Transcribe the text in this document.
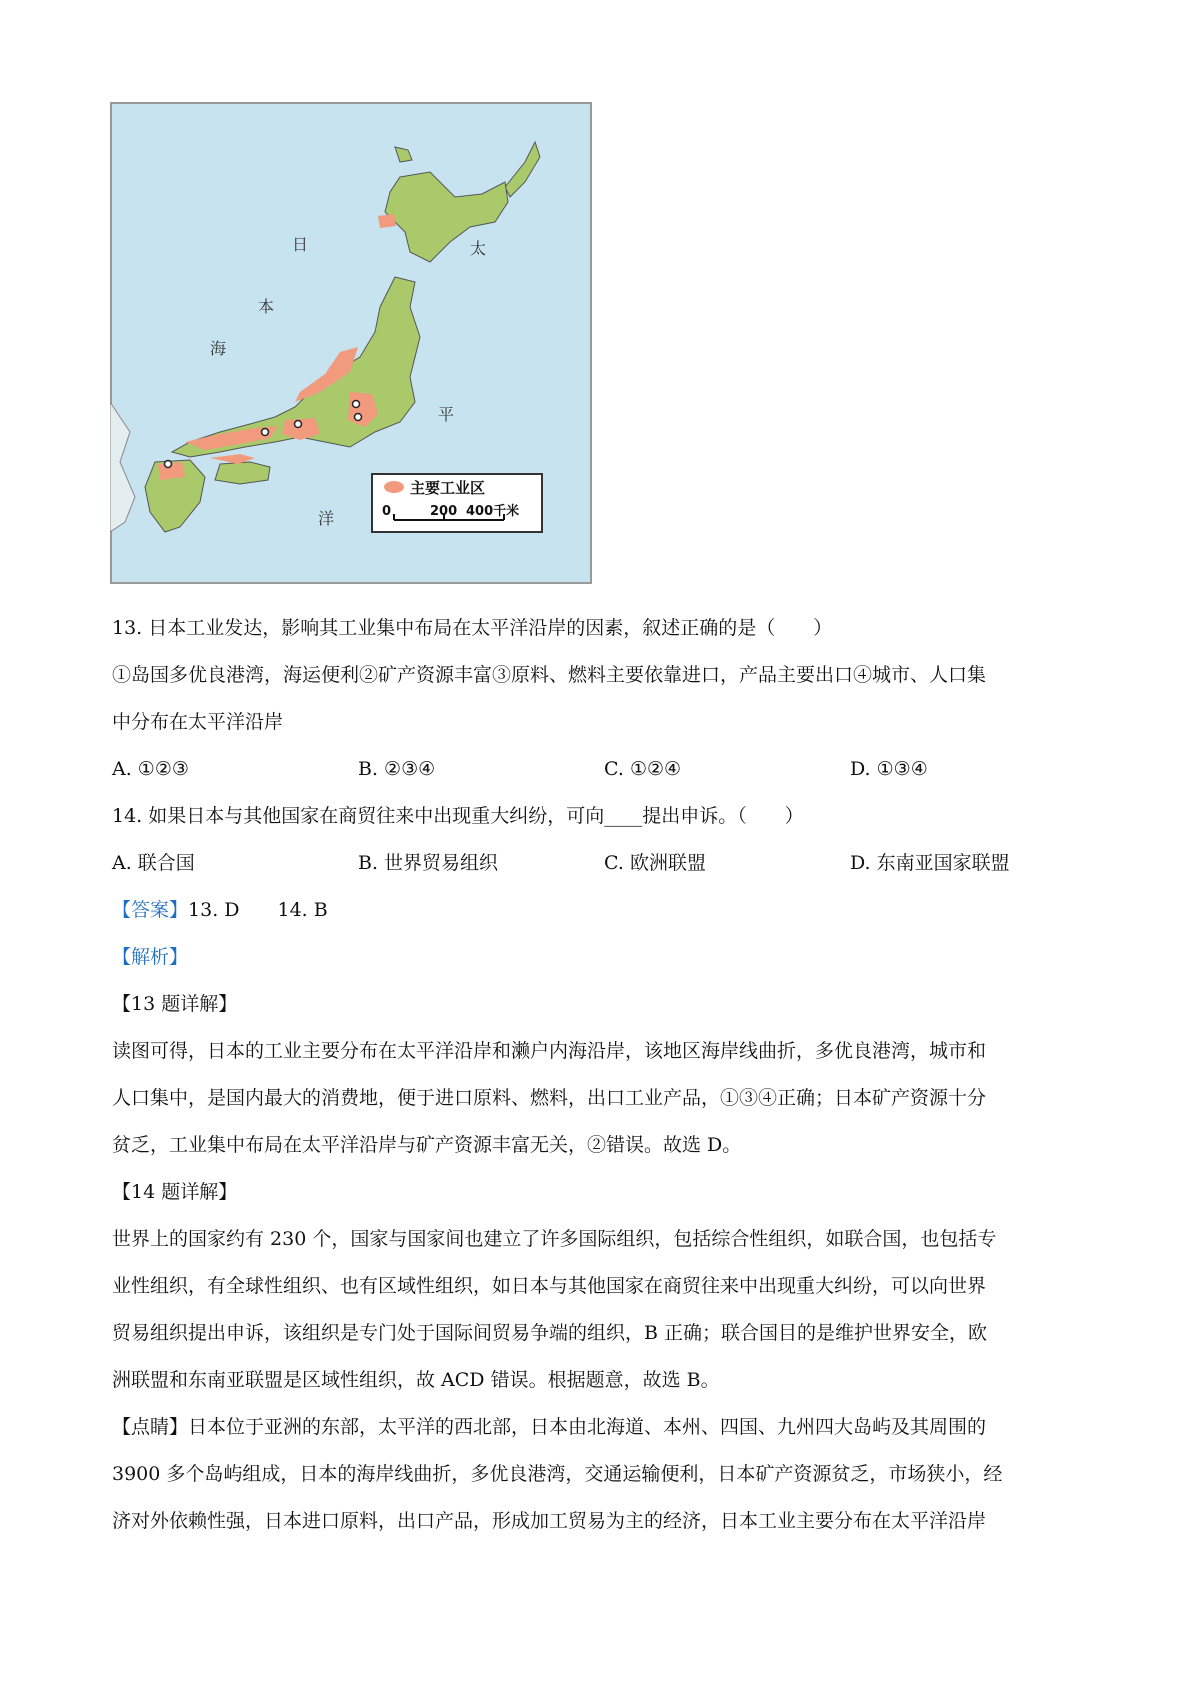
日
本
海
太
平
洋
主要工业区
0	200 400千米
13. 日本工业发达，影响其工业集中布局在太平洋沿岸的因素，叙述正确的是（　　）
①岛国多优良港湾，海运便利②矿产资源丰富③原料、燃料主要依靠进口，产品主要出口④城市、人口集
中分布在太平洋沿岸
A. ①②③	B. ②③④	C. ①②④	D. ①③④
14. 如果日本与其他国家在商贸往来中出现重大纠纷，可向____提出申诉。（　　）
A. 联合国	B. 世界贸易组织	C. 欧洲联盟	D. 东南亚国家联盟
【答案】13. D　　14. B
【解析】
【13 题详解】
读图可得，日本的工业主要分布在太平洋沿岸和濑户内海沿岸，该地区海岸线曲折，多优良港湾，城市和
人口集中，是国内最大的消费地，便于进口原料、燃料，出口工业产品，①③④正确；日本矿产资源十分
贫乏，工业集中布局在太平洋沿岸与矿产资源丰富无关，②错误。故选 D。
【14 题详解】
世界上的国家约有 230 个，国家与国家间也建立了许多国际组织，包括综合性组织，如联合国，也包括专
业性组织，有全球性组织、也有区域性组织，如日本与其他国家在商贸往来中出现重大纠纷，可以向世界
贸易组织提出申诉，该组织是专门处于国际间贸易争端的组织，B 正确；联合国目的是维护世界安全，欧
洲联盟和东南亚联盟是区域性组织，故 ACD 错误。根据题意，故选 B。
【点睛】日本位于亚洲的东部，太平洋的西北部，日本由北海道、本州、四国、九州四大岛屿及其周围的
3900 多个岛屿组成，日本的海岸线曲折，多优良港湾，交通运输便利，日本矿产资源贫乏，市场狭小，经
济对外依赖性强，日本进口原料，出口产品，形成加工贸易为主的经济，日本工业主要分布在太平洋沿岸
